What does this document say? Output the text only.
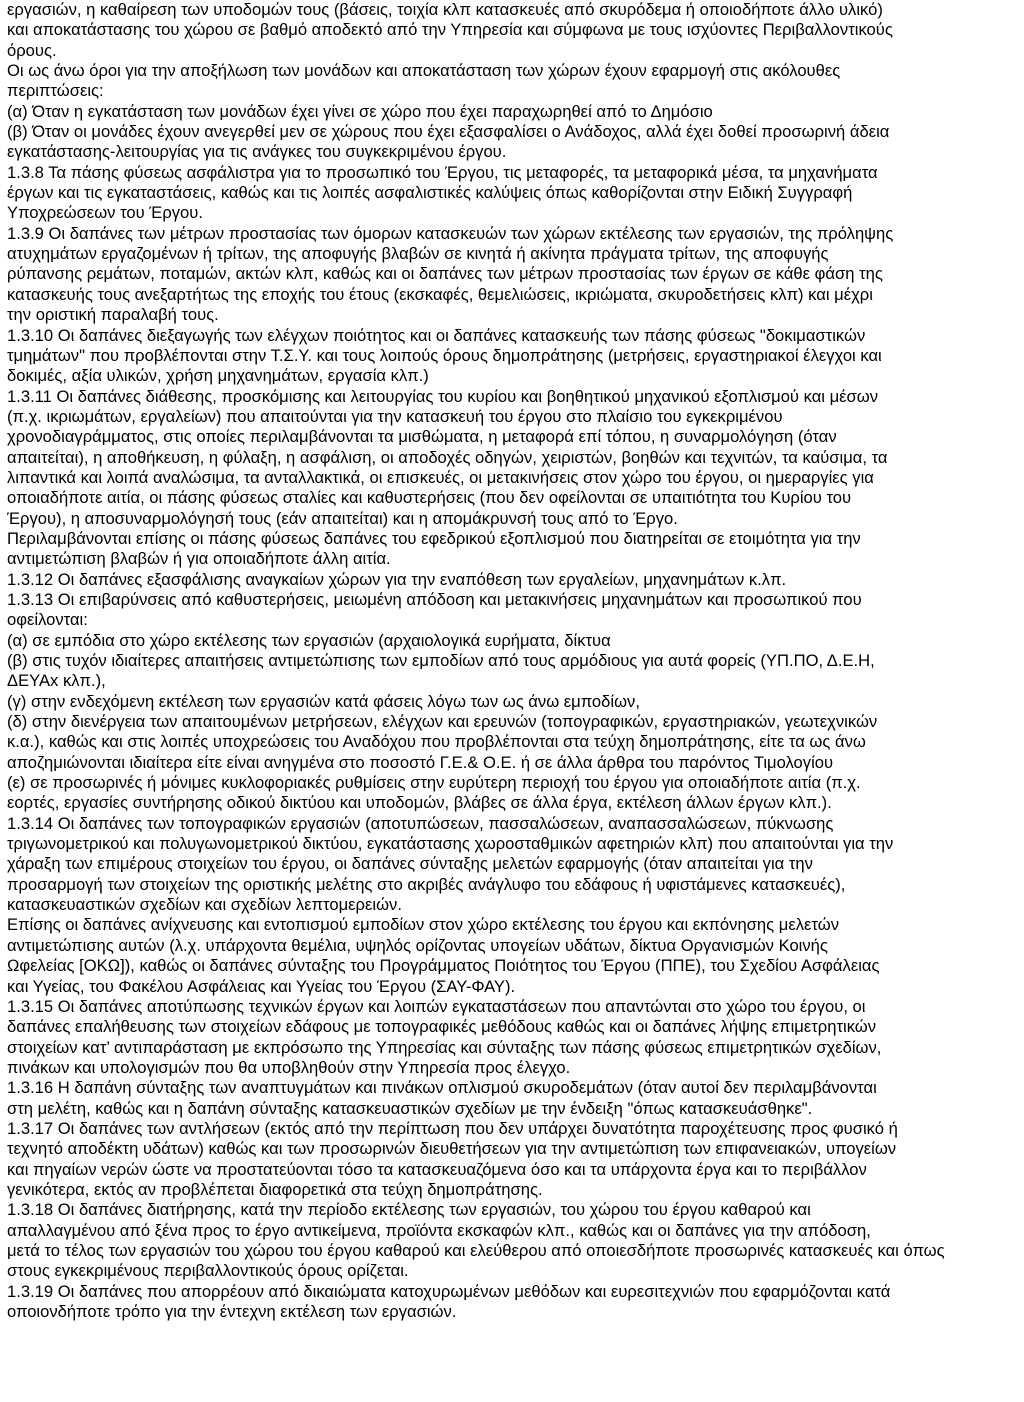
εργασιών, η καθαίρεση των υποδομών τους (βάσεις, τοιχία κλπ κατασκευές από σκυρόδεμα ή οποιοδήποτε άλλο υλικό)
και αποκατάστασης του χώρου σε βαθμό αποδεκτό από την Υπηρεσία και σύμφωνα με τους ισχύοντες Περιβαλλοντικούς
όρους.
Οι ως άνω όροι για την αποξήλωση των μονάδων και αποκατάσταση των χώρων έχουν εφαρμογή στις ακόλουθες
περιπτώσεις:
(α) Όταν η εγκατάσταση των μονάδων έχει γίνει σε χώρο που έχει παραχωρηθεί από το Δημόσιο
(β) Όταν οι μονάδες έχουν ανεγερθεί μεν σε χώρους που έχει εξασφαλίσει ο Ανάδοχος, αλλά έχει δοθεί προσωρινή άδεια
εγκατάστασης-λειτουργίας για τις ανάγκες του συγκεκριμένου έργου.
1.3.8 Τα πάσης φύσεως ασφάλιστρα για το προσωπικό του Έργου, τις μεταφορές, τα μεταφορικά μέσα, τα μηχανήματα
έργων και τις εγκαταστάσεις, καθώς και τις λοιπές ασφαλιστικές καλύψεις όπως καθορίζονται στην Ειδική Συγγραφή
Υποχρεώσεων του Έργου.
1.3.9 Οι δαπάνες των μέτρων προστασίας των όμορων κατασκευών των χώρων εκτέλεσης των εργασιών, της πρόληψης
ατυχημάτων εργαζομένων ή τρίτων, της αποφυγής βλαβών σε κινητά ή ακίνητα πράγματα τρίτων, της αποφυγής
ρύπανσης ρεμάτων, ποταμών, ακτών κλπ, καθώς και οι δαπάνες των μέτρων προστασίας των έργων σε κάθε φάση της
κατασκευής τους ανεξαρτήτως της εποχής του έτους (εκσκαφές, θεμελιώσεις, ικριώματα, σκυροδετήσεις κλπ) και μέχρι
την οριστική παραλαβή τους.
1.3.10 Οι δαπάνες διεξαγωγής των ελέγχων ποιότητος και οι δαπάνες κατασκευής των πάσης φύσεως "δοκιμαστικών
τμημάτων" που προβλέπονται στην Τ.Σ.Υ. και τους λοιπούς όρους δημοπράτησης (μετρήσεις, εργαστηριακοί έλεγχοι και
δοκιμές, αξία υλικών, χρήση μηχανημάτων, εργασία κλπ.)
1.3.11 Οι δαπάνες διάθεσης, προσκόμισης και λειτουργίας του κυρίου και βοηθητικού μηχανικού εξοπλισμού και μέσων
(π.χ. ικριωμάτων, εργαλείων) που απαιτούνται για την κατασκευή του έργου στο πλαίσιο του εγκεκριμένου
χρονοδιαγράμματος, στις οποίες περιλαμβάνονται τα μισθώματα, η μεταφορά επί τόπου, η συναρμολόγηση (όταν
απαιτείται), η αποθήκευση, η φύλαξη, η ασφάλιση, οι αποδοχές οδηγών, χειριστών, βοηθών και τεχνιτών, τα καύσιμα, τα
λιπαντικά και λοιπά αναλώσιμα, τα ανταλλακτικά, οι επισκευές, οι μετακινήσεις στον χώρο του έργου, οι ημεραργίες για
οποιαδήποτε αιτία, οι πάσης φύσεως σταλίες και καθυστερήσεις (που δεν οφείλονται σε υπαιτιότητα του Κυρίου του
Έργου), η αποσυναρμολόγησή τους (εάν απαιτείται) και η απομάκρυνσή τους από το Έργο.
Περιλαμβάνονται επίσης οι πάσης φύσεως δαπάνες του εφεδρικού εξοπλισμού που διατηρείται σε ετοιμότητα για την
αντιμετώπιση βλαβών ή για οποιαδήποτε άλλη αιτία.
1.3.12 Οι δαπάνες εξασφάλισης αναγκαίων χώρων για την εναπόθεση των εργαλείων, μηχανημάτων κ.λπ.
1.3.13 Οι επιβαρύνσεις από καθυστερήσεις, μειωμένη απόδοση και μετακινήσεις μηχανημάτων και προσωπικού που
οφείλονται:
(α) σε εμπόδια στο χώρο εκτέλεσης των εργασιών (αρχαιολογικά ευρήματα, δίκτυα
(β) στις τυχόν ιδιαίτερες απαιτήσεις αντιμετώπισης των εμποδίων από τους αρμόδιους για αυτά φορείς (ΥΠ.ΠΟ, Δ.Ε.Η,
ΔΕΥΑx κλπ.),
(γ) στην ενδεχόμενη εκτέλεση των εργασιών κατά φάσεις λόγω των ως άνω εμποδίων,
(δ) στην διενέργεια των απαιτουμένων μετρήσεων, ελέγχων και ερευνών (τοπογραφικών, εργαστηριακών, γεωτεχνικών
κ.α.), καθώς και στις λοιπές υποχρεώσεις του Αναδόχου που προβλέπονται στα τεύχη δημοπράτησης, είτε τα ως άνω
αποζημιώνονται ιδιαίτερα είτε είναι ανηγμένα στο ποσοστό Γ.Ε.& Ο.Ε. ή σε άλλα άρθρα του παρόντος Τιμολογίου
(ε) σε προσωρινές ή μόνιμες κυκλοφοριακές ρυθμίσεις στην ευρύτερη περιοχή του έργου για οποιαδήποτε αιτία (π.χ.
εορτές, εργασίες συντήρησης οδικού δικτύου και υποδομών, βλάβες σε άλλα έργα, εκτέλεση άλλων έργων κλπ.).
1.3.14 Οι δαπάνες των τοπογραφικών εργασιών (αποτυπώσεων, πασσαλώσεων, αναπασσαλώσεων, πύκνωσης
τριγωνομετρικού και πολυγωνομετρικού δικτύου, εγκατάστασης χωροσταθμικών αφετηριών κλπ) που απαιτούνται για την
χάραξη των επιμέρους στοιχείων του έργου, οι δαπάνες σύνταξης μελετών εφαρμογής (όταν απαιτείται για την
προσαρμογή των στοιχείων της οριστικής μελέτης στο ακριβές ανάγλυφο του εδάφους ή υφιστάμενες κατασκευές),
κατασκευαστικών σχεδίων και σχεδίων λεπτομερειών.
Επίσης οι δαπάνες ανίχνευσης και εντοπισμού εμποδίων στον χώρο εκτέλεσης του έργου και εκπόνησης μελετών
αντιμετώπισης αυτών (λ.χ. υπάρχοντα θεμέλια, υψηλός ορίζοντας υπογείων υδάτων, δίκτυα Οργανισμών Κοινής
Ωφελείας [ΟΚΩ]), καθώς οι δαπάνες σύνταξης του Προγράμματος Ποιότητος του Έργου (ΠΠΕ), του Σχεδίου Ασφάλειας
και Υγείας, του Φακέλου Ασφάλειας και Υγείας του Έργου (ΣΑΥ-ΦΑΥ).
1.3.15 Οι δαπάνες αποτύπωσης τεχνικών έργων και λοιπών εγκαταστάσεων που απαντώνται στο χώρο του έργου, οι
δαπάνες επαλήθευσης των στοιχείων εδάφους με τοπογραφικές μεθόδους καθώς και οι δαπάνες λήψης επιμετρητικών
στοιχείων κατ’ αντιπαράσταση με εκπρόσωπο της Υπηρεσίας και σύνταξης των πάσης φύσεως επιμετρητικών σχεδίων,
πινάκων και υπολογισμών που θα υποβληθούν στην Υπηρεσία προς έλεγχο.
1.3.16 Η δαπάνη σύνταξης των αναπτυγμάτων και πινάκων οπλισμού σκυροδεμάτων (όταν αυτοί δεν περιλαμβάνονται
στη μελέτη, καθώς και η δαπάνη σύνταξης κατασκευαστικών σχεδίων με την ένδειξη "όπως κατασκευάσθηκε".
1.3.17 Οι δαπάνες των αντλήσεων (εκτός από την περίπτωση που δεν υπάρχει δυνατότητα παροχέτευσης προς φυσικό ή
τεχνητό αποδέκτη υδάτων) καθώς και των προσωρινών διευθετήσεων για την αντιμετώπιση των επιφανειακών, υπογείων
και πηγαίων νερών ώστε να προστατεύονται τόσο τα κατασκευαζόμενα όσο και τα υπάρχοντα έργα και το περιβάλλον
γενικότερα, εκτός αν προβλέπεται διαφορετικά στα τεύχη δημοπράτησης.
1.3.18 Οι δαπάνες διατήρησης, κατά την περίοδο εκτέλεσης των εργασιών, του χώρου του έργου καθαρού και
απαλλαγμένου από ξένα προς το έργο αντικείμενα, προϊόντα εκσκαφών κλπ., καθώς και οι δαπάνες για την απόδοση,
μετά το τέλος των εργασιών του χώρου του έργου καθαρού και ελεύθερου από οποιεσδήποτε προσωρινές κατασκευές και όπως
στους εγκεκριμένους περιβαλλοντικούς όρους ορίζεται.
1.3.19 Οι δαπάνες που απορρέουν από δικαιώματα κατοχυρωμένων μεθόδων και ευρεσιτεχνιών που εφαρμόζονται κατά
οποιονδήποτε τρόπο για την έντεχνη εκτέλεση των εργασιών.
